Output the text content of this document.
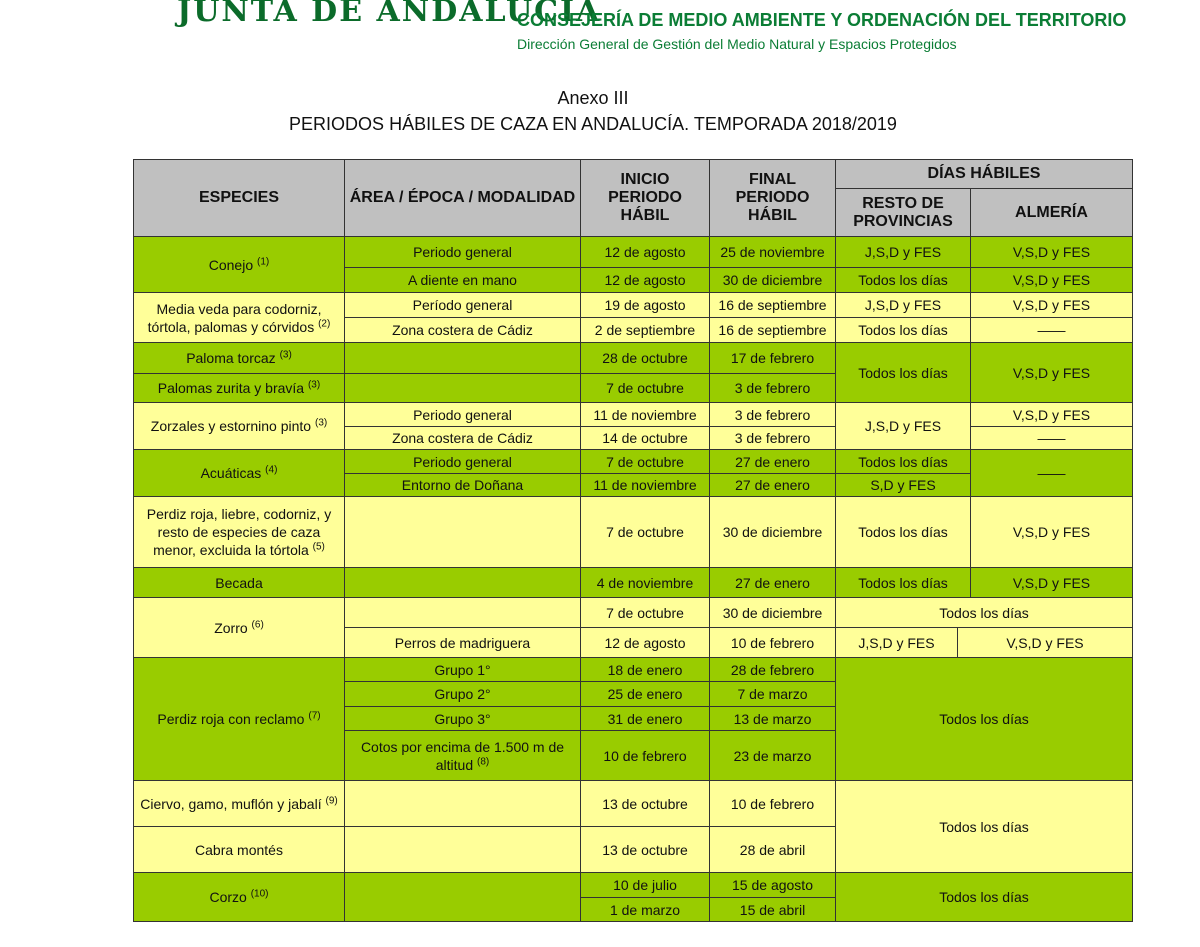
JUNTA DE ANDALUCIA
CONSEJERÍA DE MEDIO AMBIENTE Y ORDENACIÓN DEL TERRITORIO
Dirección General de Gestión del Medio Natural y Espacios Protegidos
Anexo III
PERIODOS HÁBILES DE CAZA EN ANDALUCÍA. TEMPORADA 2018/2019
ESPECIES	ÁREA / ÉPOCA / MODALIDAD	INICIO PERIODO HÁBIL	FINAL PERIODO HÁBIL	DÍAS HÁBILES		
				RESTO DE PROVINCIAS		ALMERÍA
Conejo $^{(1)}$	Periodo general	12 de agosto	25 de noviembre	J,S,D y FES		V,S,D y FES
	A diente en mano	12 de agosto	30 de diciembre	Todos los días		V,S,D y FES
Media veda para codorniz, tórtola, palomas y córvidos $^{(2)}$	Período general	19 de agosto	16 de septiembre	J,S,D y FES		V,S,D y FES
	Zona costera de Cádiz	2 de septiembre	16 de septiembre	Todos los días		——
Paloma torcaz $^{(3)}$		28 de octubre	17 de febrero	Todos los días		V,S,D y FES
Palomas zurita y bravía $^{(3)}$		7 de octubre	3 de febrero			
Zorzales y estornino pinto $^{(3)}$	Periodo general	11 de noviembre	3 de febrero	J,S,D y FES		V,S,D y FES
	Zona costera de Cádiz	14 de octubre	3 de febrero			——
Acuáticas $^{(4)}$	Periodo general	7 de octubre	27 de enero	Todos los días		——
	Entorno de Doñana	11 de noviembre	27 de enero	S,D y FES		
Perdiz roja, liebre, codorniz, y resto de especies de caza menor, excluida la tórtola $^{(5)}$		7 de octubre	30 de diciembre	Todos los días		V,S,D y FES
Becada		4 de noviembre	27 de enero	Todos los días		V,S,D y FES
Zorro $^{(6)}$		7 de octubre	30 de diciembre	Todos los días		
	Perros de madriguera	12 de agosto	10 de febrero	J,S,D y FES	V,S,D y FES	
Perdiz roja con reclamo $^{(7)}$	Grupo 1°	18 de enero	28 de febrero	Todos los días		
	Grupo 2°	25 de enero	7 de marzo			
	Grupo 3°	31 de enero	13 de marzo			
	Cotos por encima de 1.500 m de altitud $^{(8)}$	10 de febrero	23 de marzo			
Ciervo, gamo, muflón y jabalí $^{(9)}$		13 de octubre	10 de febrero	Todos los días		
Cabra montés		13 de octubre	28 de abril			
Corzo $^{(10)}$		10 de julio	15 de agosto	Todos los días		
		1 de marzo	15 de abril			
